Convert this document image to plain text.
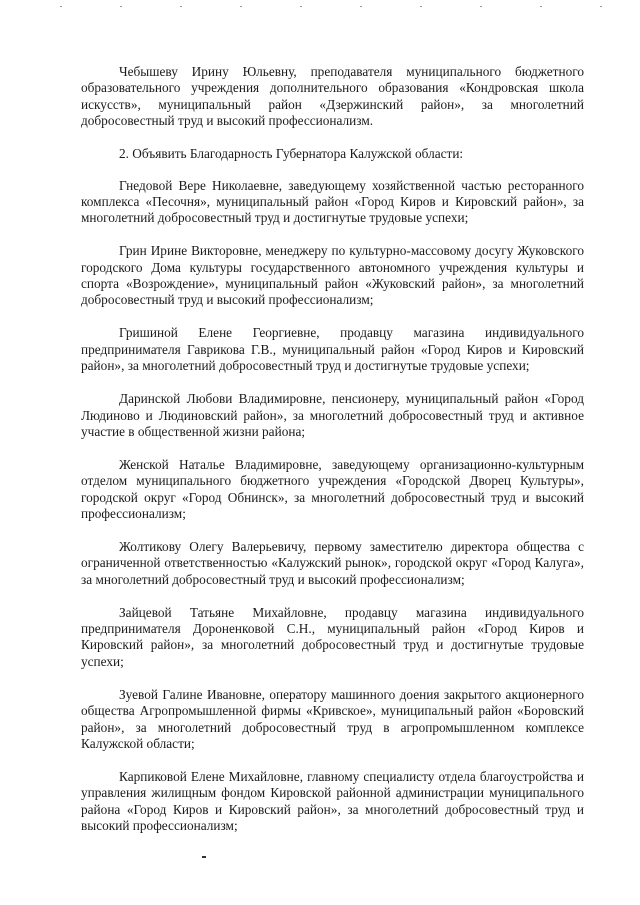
Чебышеву Ирину Юльевну, преподавателя муниципального бюджетного образовательного учреждения дополнительного образования «Кондровская школа искусств», муниципальный район «Дзержинский район», за многолетний добросовестный труд и высокий профессионализм.

2. Объявить Благодарность Губернатора Калужской области:

Гнедовой Вере Николаевне, заведующему хозяйственной частью ресторанного комплекса «Песочня», муниципальный район «Город Киров и Кировский район», за многолетний добросовестный труд и достигнутые трудовые успехи;

Грин Ирине Викторовне, менеджеру по культурно-массовому досугу Жуковского городского Дома культуры государственного автономного учреждения культуры и спорта «Возрождение», муниципальный район «Жуковский район», за многолетний добросовестный труд и высокий профессионализм;

Гришиной Елене Георгиевне, продавцу магазина индивидуального предпринимателя Гаврикова Г.В., муниципальный район «Город Киров и Кировский район», за многолетний добросовестный труд и достигнутые трудовые успехи;

Даринской Любови Владимировне, пенсионеру, муниципальный район «Город Людиново и Людиновский район», за многолетний добросовестный труд и активное участие в общественной жизни района;

Женской Наталье Владимировне, заведующему организационно-культурным отделом муниципального бюджетного учреждения «Городской Дворец Культуры», городской округ «Город Обнинск», за многолетний добросовестный труд и высокий профессионализм;

Жолтикову Олегу Валерьевичу, первому заместителю директора общества с ограниченной ответственностью «Калужский рынок», городской округ «Город Калуга», за многолетний добросовестный труд и высокий профессионализм;

Зайцевой Татьяне Михайловне, продавцу магазина индивидуального предпринимателя Дороненковой С.Н., муниципальный район «Город Киров и Кировский район», за многолетний добросовестный труд и достигнутые трудовые успехи;

Зуевой Галине Ивановне, оператору машинного доения закрытого акционерного общества Агропромышленной фирмы «Кривское», муниципальный район «Боровский район», за многолетний добросовестный труд в агропромышленном комплексе Калужской области;

Карпиковой Елене Михайловне, главному специалисту отдела благоустройства и управления жилищным фондом Кировской районной администрации муниципального района «Город Киров и Кировский район», за многолетний добросовестный труд и высокий профессионализм;
